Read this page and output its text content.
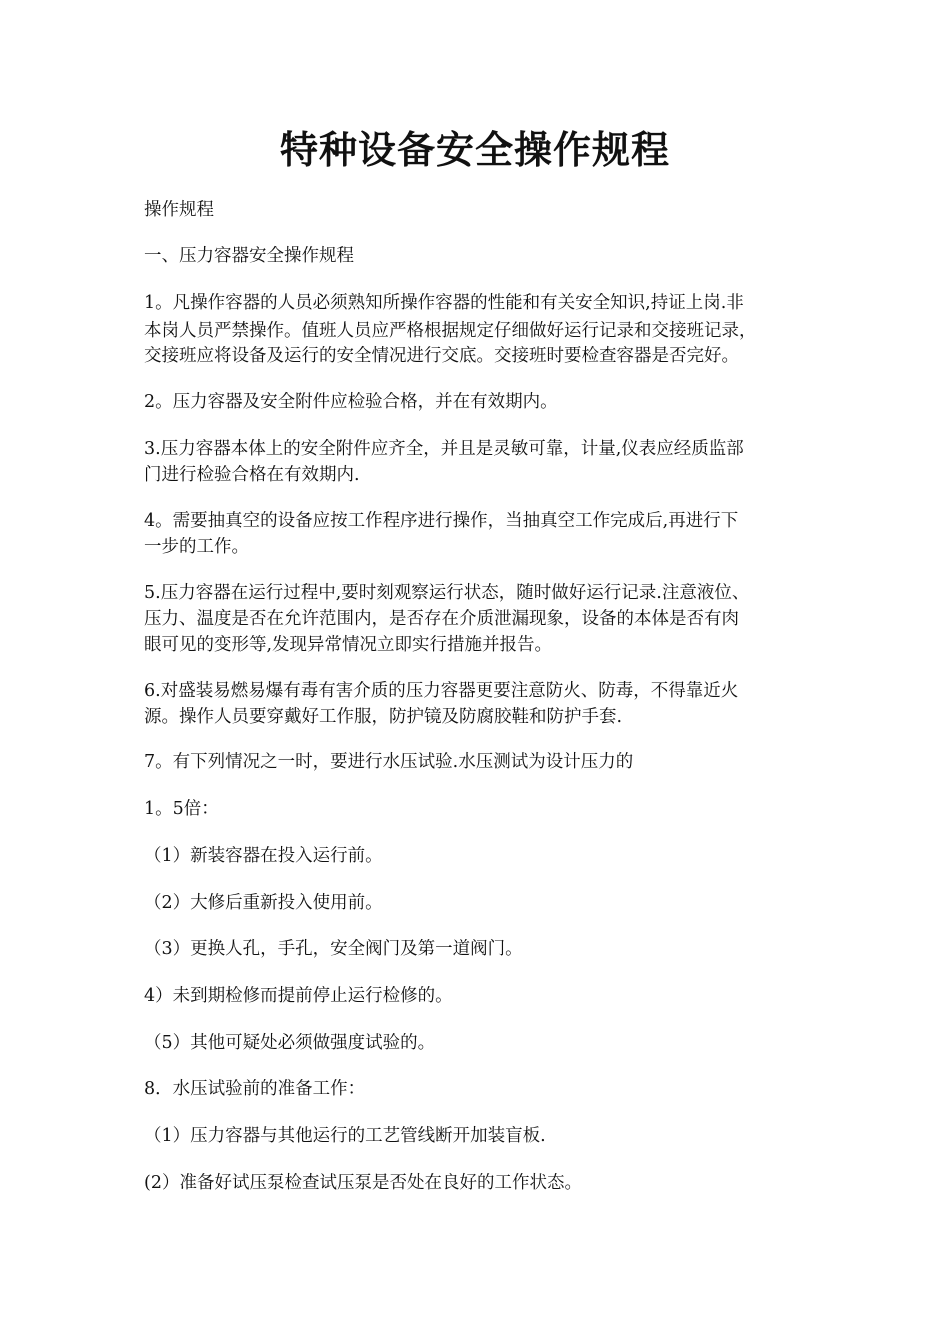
特种设备安全操作规程
操作规程
一、压力容器安全操作规程
1。凡操作容器的人员必须熟知所操作容器的性能和有关安全知识,持证上岗.非
本岗人员严禁操作。值班人员应严格根据规定仔细做好运行记录和交接班记录，
交接班应将设备及运行的安全情况进行交底。交接班时要检查容器是否完好。
2。压力容器及安全附件应检验合格，并在有效期内。
3.压力容器本体上的安全附件应齐全，并且是灵敏可靠，计量,仪表应经质监部
门进行检验合格在有效期内.
4。需要抽真空的设备应按工作程序进行操作，当抽真空工作完成后,再进行下
一步的工作。
5.压力容器在运行过程中,要时刻观察运行状态，随时做好运行记录.注意液位、
压力、温度是否在允许范围内，是否存在介质泄漏现象，设备的本体是否有肉
眼可见的变形等,发现异常情况立即实行措施并报告。
6.对盛装易燃易爆有毒有害介质的压力容器更要注意防火、防毒，不得靠近火
源。操作人员要穿戴好工作服，防护镜及防腐胶鞋和防护手套.
7。有下列情况之一时，要进行水压试验.水压测试为设计压力的
1。5倍：
（1）新装容器在投入运行前。
（2）大修后重新投入使用前。
（3）更换人孔，手孔，安全阀门及第一道阀门。
4）未到期检修而提前停止运行检修的。
（5）其他可疑处必须做强度试验的。
8．水压试验前的准备工作：
（1）压力容器与其他运行的工艺管线断开加装盲板.
(2）准备好试压泵检查试压泵是否处在良好的工作状态。
